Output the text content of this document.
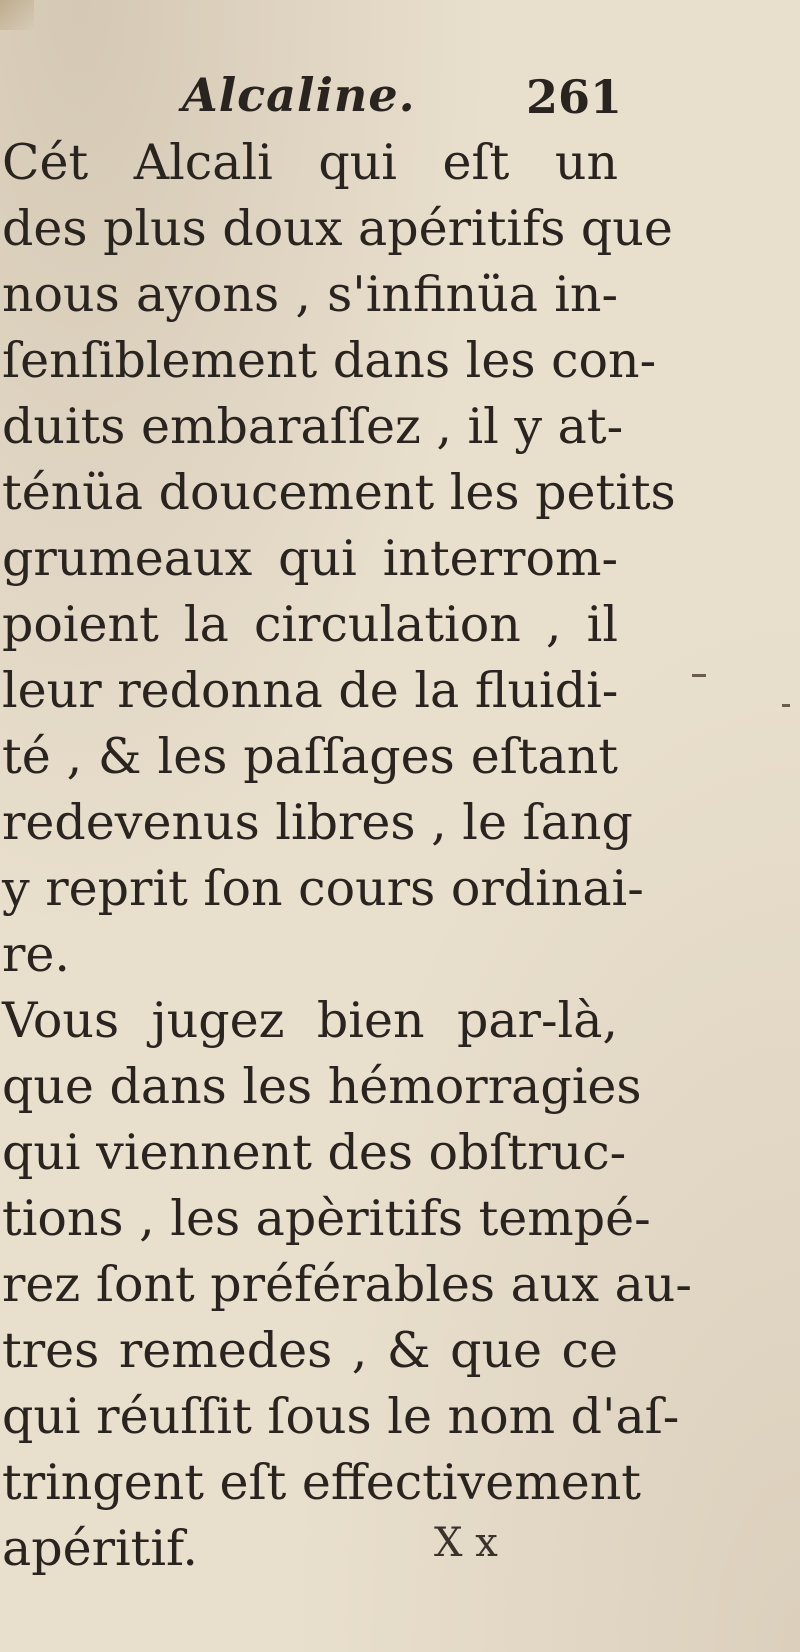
Alcaline. 261
Cét Alcali qui eſt un
des plus doux apéritifs que
nous ayons , s'infinüa in-
ſenſiblement dans les con-
duits embaraſſez , il y at-
ténüa doucement les petits
grumeaux qui interrom-
poient la circulation , il
leur redonna de la fluidi-
té , & les paſſages eſtant
redevenus libres , le ſang
y reprit ſon cours ordinai-
re.
Vous jugez bien par-là,
que dans les hémorragies
qui viennent des obſtruc-
tions , les apèritifs tempé-
rez ſont préférables aux au-
tres remedes , & que ce
qui réuſſit ſous le nom d'aſ-
tringent eſt effectivement
apéritif.	X x
